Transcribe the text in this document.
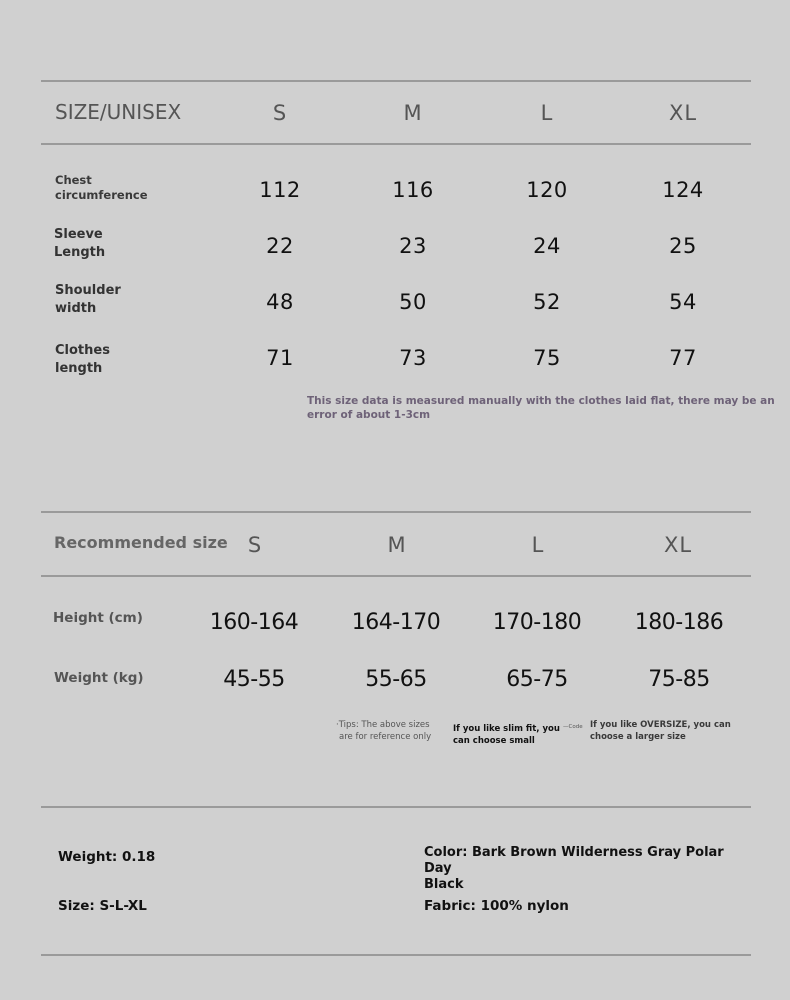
SIZE/UNISEX	S	M	L	XL
Chest
circumference	112	116	120	124
Sleeve
Length	22	23	24	25
Shoulder
width	48	50	52	54
Clothes
length	71	73	75	77
This size data is measured manually with the clothes laid flat, there may be an
error of about 1-3cm
Recommended size S	M	L	XL
Height (cm)	160-164 164-170 170-180 180-186
Weight (kg)	45-55	55-65	65-75	75-85
·Tips: The above sizes
are for reference only
If you like slim fit, you
can choose small
—Code If you like OVERSIZE, you can
choose a larger size
Weight: 0.18	Color: Bark Brown Wilderness Gray Polar Day
Black
Size: S-L-XL	Fabric: 100% nylon
